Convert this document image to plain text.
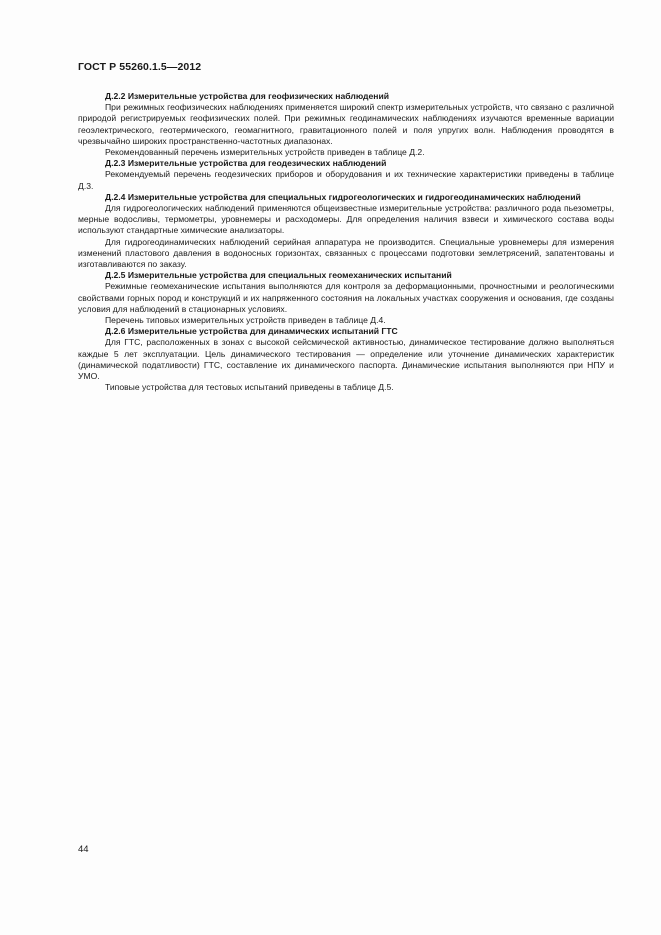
ГОСТ Р 55260.1.5—2012

Д.2.2 Измерительные устройства для геофизических наблюдений

При режимных геофизических наблюдениях применяется широкий спектр измерительных устройств, что связано с различной природой регистрируемых геофизических полей. При режимных геодинамических наблюдениях изучаются временные вариации геоэлектрического, геотермического, геомагнитного, гравитационного полей и поля упругих волн. Наблюдения проводятся в чрезвычайно широких пространственно-частотных диапазонах.

Рекомендованный перечень измерительных устройств приведен в таблице Д.2.

Д.2.3 Измерительные устройства для геодезических наблюдений

Рекомендуемый перечень геодезических приборов и оборудования и их технические характеристики приведены в таблице Д.3.

Д.2.4 Измерительные устройства для специальных гидрогеологических и гидрогеодинамических наблюдений

Для гидрогеологических наблюдений применяются общеизвестные измерительные устройства: различного рода пьезометры, мерные водосливы, термометры, уровнемеры и расходомеры. Для определения наличия взвеси и химического состава воды используют стандартные химические анализаторы.

Для гидрогеодинамических наблюдений серийная аппаратура не производится. Специальные уровнемеры для измерения изменений пластового давления в водоносных горизонтах, связанных с процессами подготовки землетрясений, запатентованы и изготавливаются по заказу.

Д.2.5 Измерительные устройства для специальных геомеханических испытаний

Режимные геомеханические испытания выполняются для контроля за деформационными, прочностными и реологическими свойствами горных пород и конструкций и их напряженного состояния на локальных участках сооружения и основания, где созданы условия для наблюдений в стационарных условиях.

Перечень типовых измерительных устройств приведен в таблице Д.4.

Д.2.6 Измерительные устройства для динамических испытаний ГТС

Для ГТС, расположенных в зонах с высокой сейсмической активностью, динамическое тестирование должно выполняться каждые 5 лет эксплуатации. Цель динамического тестирования — определение или уточнение динамических характеристик (динамической податливости) ГТС, составление их динамического паспорта. Динамические испытания выполняются при НПУ и УМО.

Типовые устройства для тестовых испытаний приведены в таблице Д.5.

44
